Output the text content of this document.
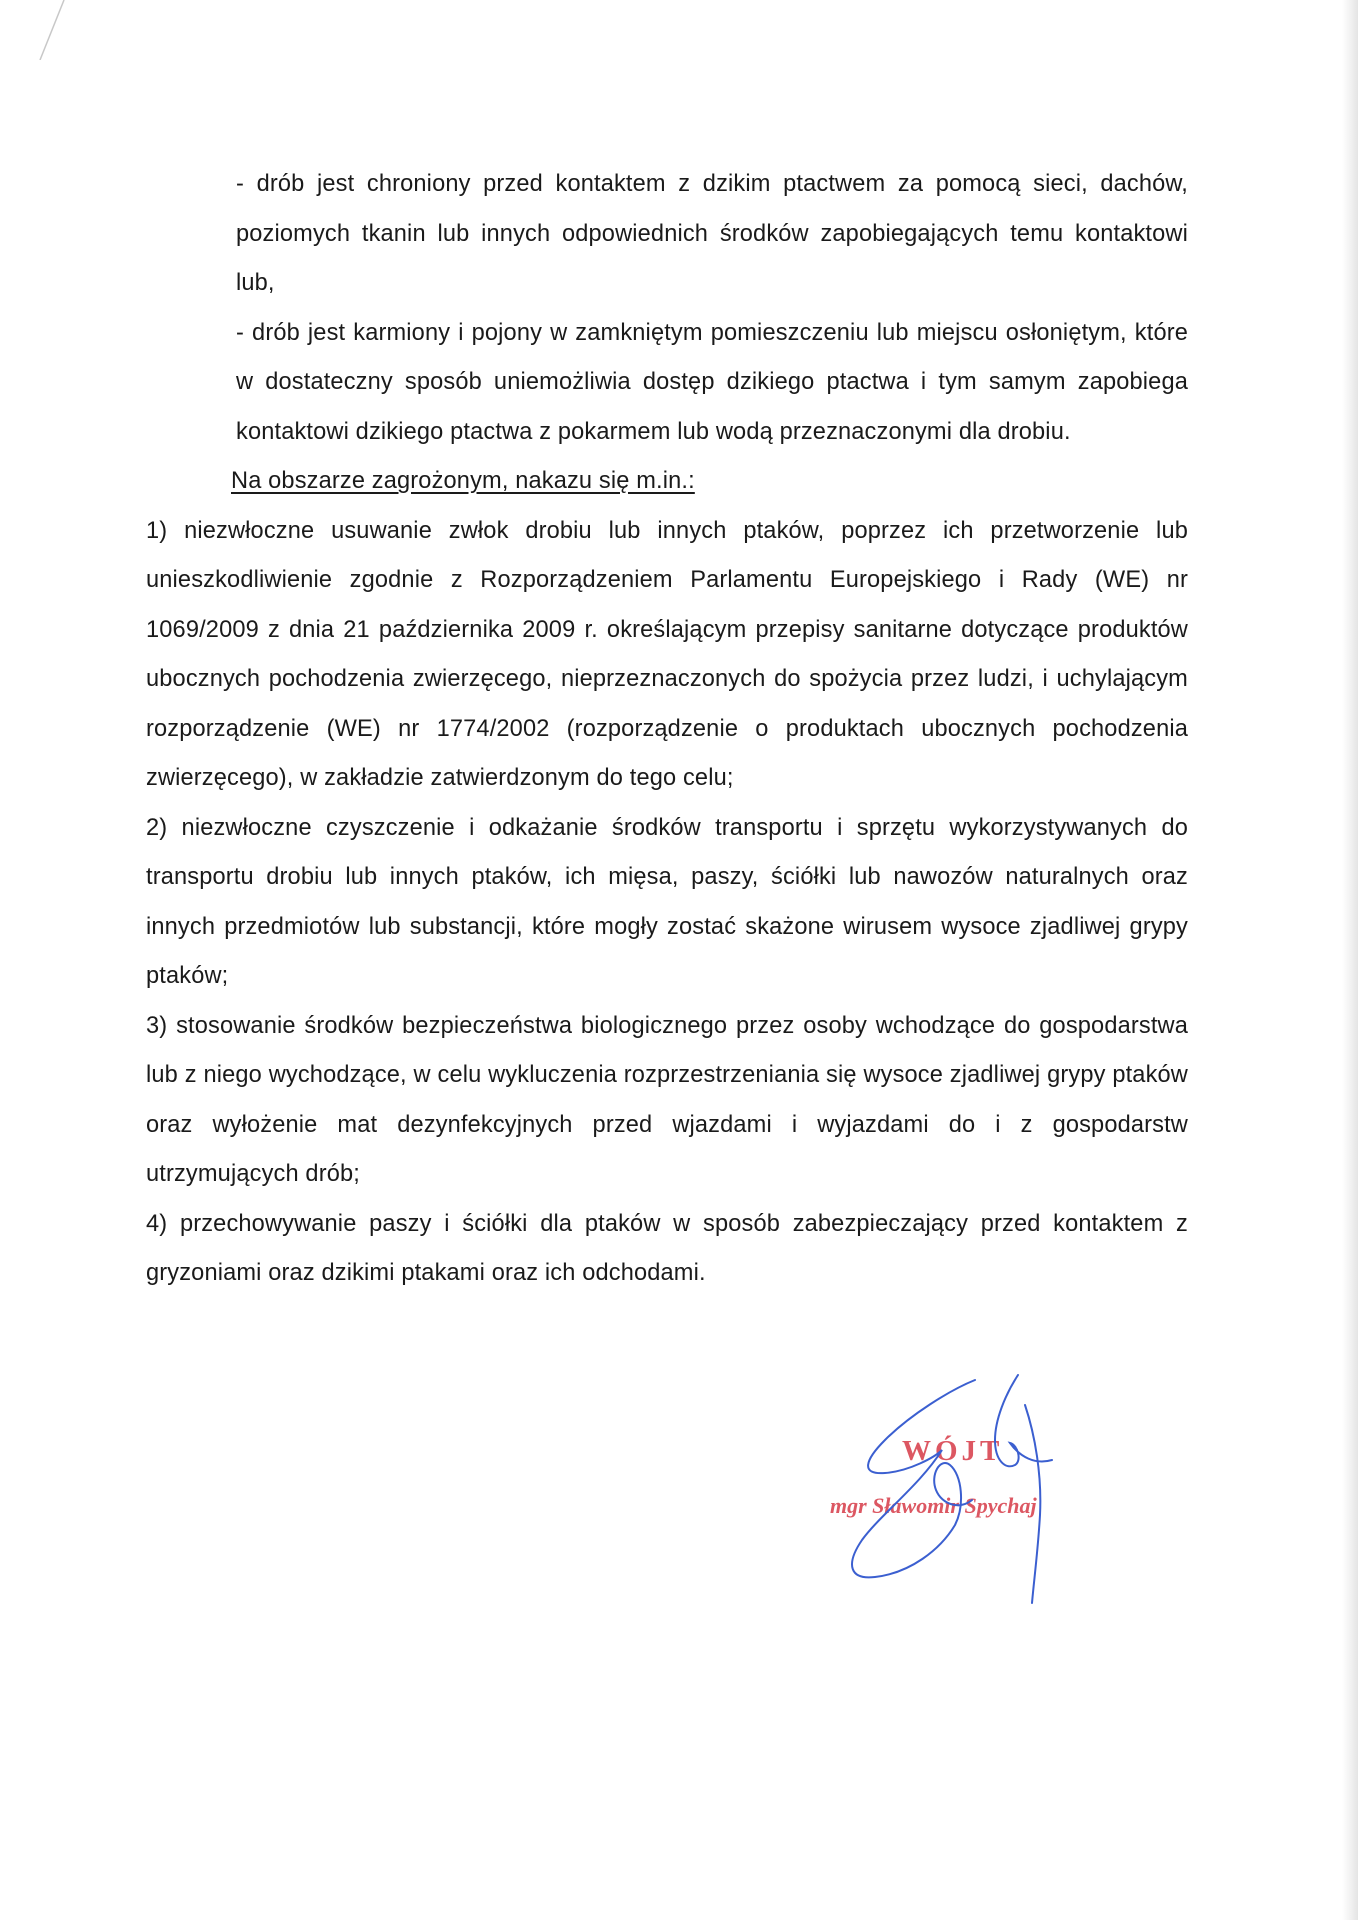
- drób jest chroniony przed kontaktem z dzikim ptactwem za pomocą sieci, dachów, poziomych tkanin lub innych odpowiednich środków zapobiegających temu kontaktowi lub,

- drób jest karmiony i pojony w zamkniętym pomieszczeniu lub miejscu osłoniętym, które w dostateczny sposób uniemożliwia dostęp dzikiego ptactwa i tym samym zapobiega kontaktowi dzikiego ptactwa z pokarmem lub wodą przeznaczonymi dla drobiu.

Na obszarze zagrożonym, nakazu się m.in.:

1) niezwłoczne usuwanie zwłok drobiu lub innych ptaków, poprzez ich przetworzenie lub unieszkodliwienie zgodnie z Rozporządzeniem Parlamentu Europejskiego i Rady (WE) nr 1069/2009 z dnia 21 października 2009 r. określającym przepisy sanitarne dotyczące produktów ubocznych pochodzenia zwierzęcego, nieprzeznaczonych do spożycia przez ludzi, i uchylającym rozporządzenie (WE) nr 1774/2002 (rozporządzenie o produktach ubocznych pochodzenia zwierzęcego), w zakładzie zatwierdzonym do tego celu;

2) niezwłoczne czyszczenie i odkażanie środków transportu i sprzętu wykorzystywanych do transportu drobiu lub innych ptaków, ich mięsa, paszy, ściółki lub nawozów naturalnych oraz innych przedmiotów lub substancji, które mogły zostać skażone wirusem wysoce zjadliwej grypy ptaków;

3) stosowanie środków bezpieczeństwa biologicznego przez osoby wchodzące do gospodarstwa lub z niego wychodzące, w celu wykluczenia rozprzestrzeniania się wysoce zjadliwej grypy ptaków oraz wyłożenie mat dezynfekcyjnych przed wjazdami i wyjazdami do i z gospodarstw utrzymujących drób;

4) przechowywanie paszy i ściółki dla ptaków w sposób zabezpieczający przed kontaktem z gryzoniami oraz dzikimi ptakami oraz ich odchodami.

WÓJT
mgr Sławomir Spychaj
